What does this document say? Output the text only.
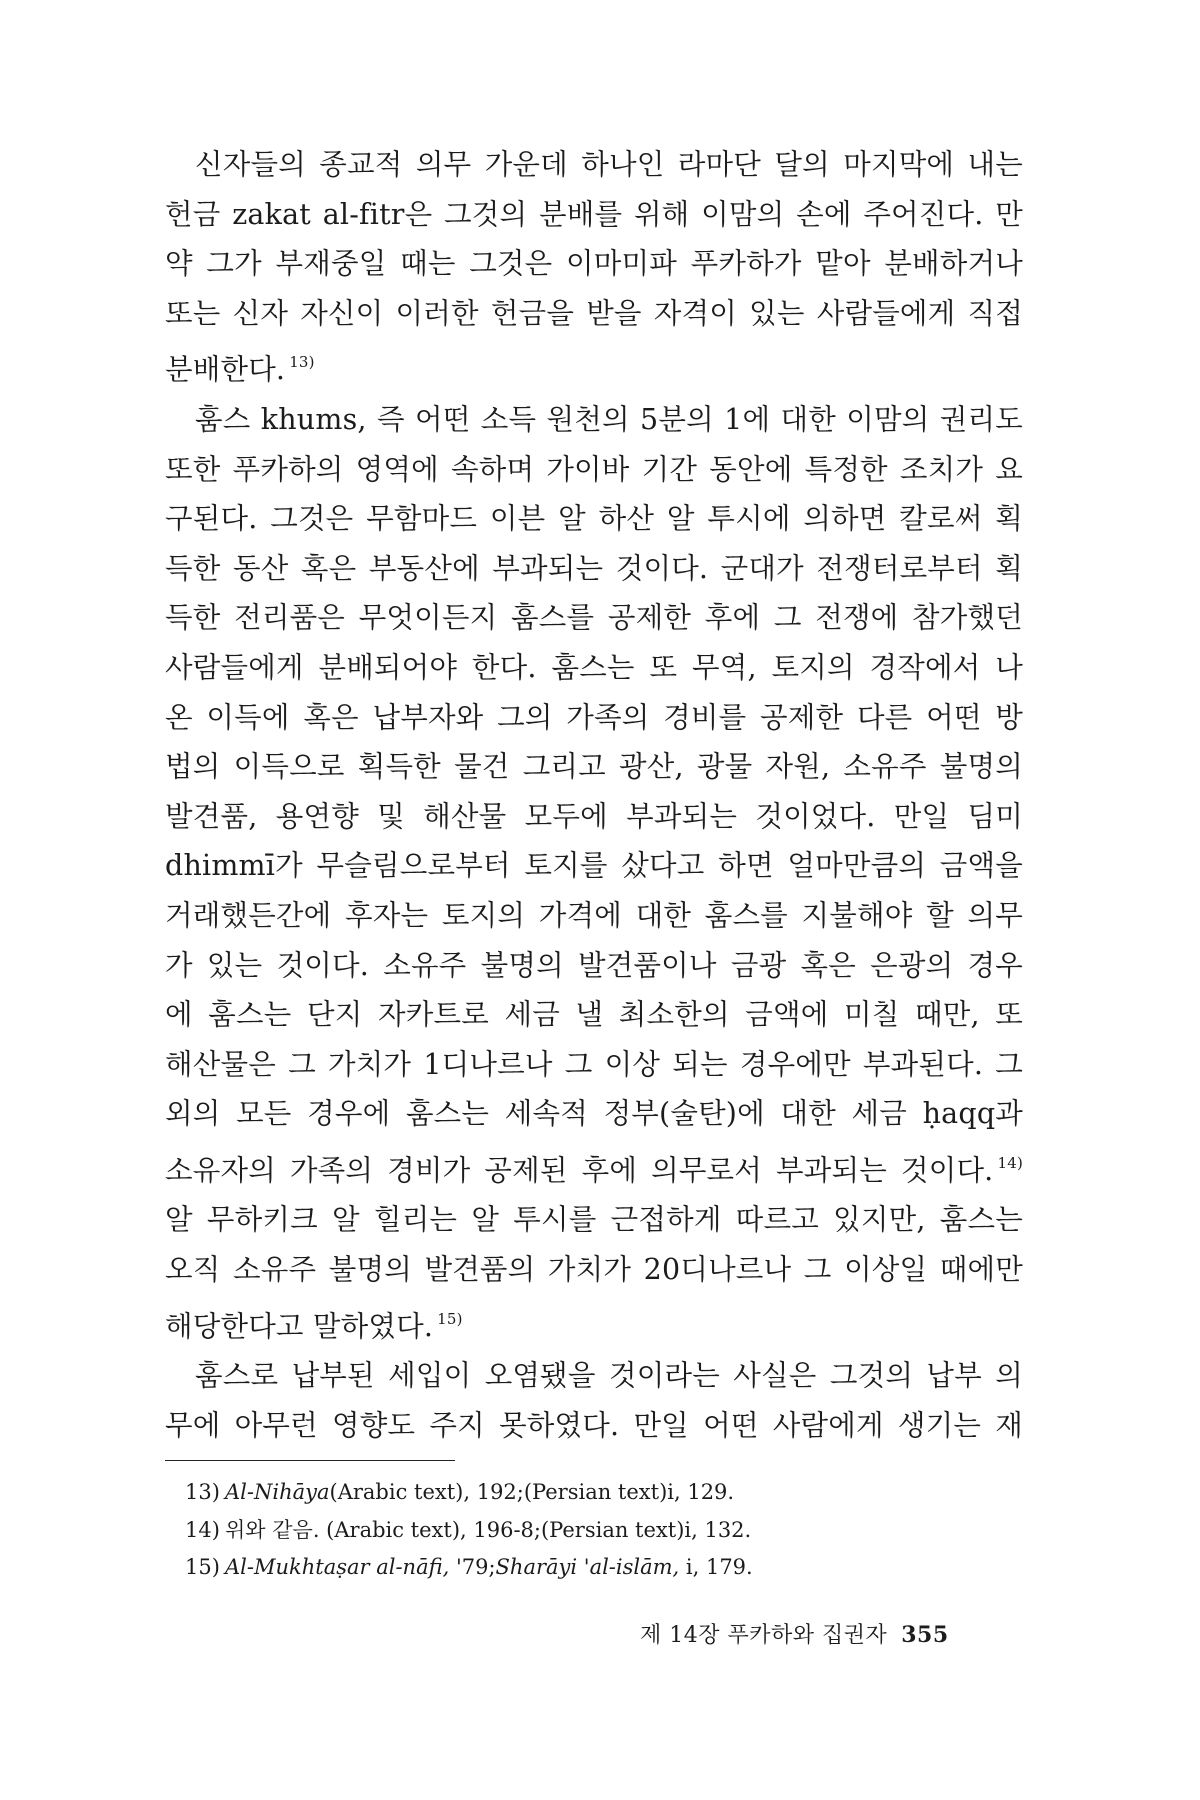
신자들의 종교적 의무 가운데 하나인 라마단 달의 마지막에 내는
헌금 zakat al-fitr은 그것의 분배를 위해 이맘의 손에 주어진다. 만
약 그가 부재중일 때는 그것은 이마미파 푸카하가 맡아 분배하거나
또는 신자 자신이 이러한 헌금을 받을 자격이 있는 사람들에게 직접
분배한다. $^{13)}$

훔스 khums, 즉 어떤 소득 원천의 5분의 1에 대한 이맘의 권리도
또한 푸카하의 영역에 속하며 가이바 기간 동안에 특정한 조치가 요
구된다. 그것은 무함마드 이븐 알 하산 알 투시에 의하면 칼로써 획
득한 동산 혹은 부동산에 부과되는 것이다. 군대가 전쟁터로부터 획
득한 전리품은 무엇이든지 훔스를 공제한 후에 그 전쟁에 참가했던
사람들에게 분배되어야 한다. 훔스는 또 무역, 토지의 경작에서 나
온 이득에 혹은 납부자와 그의 가족의 경비를 공제한 다른 어떤 방
법의 이득으로 획득한 물건 그리고 광산, 광물 자원, 소유주 불명의
발견품, 용연향 및 해산물 모두에 부과되는 것이었다. 만일 딤미
dhimmī가 무슬림으로부터 토지를 샀다고 하면 얼마만큼의 금액을
거래했든간에 후자는 토지의 가격에 대한 훔스를 지불해야 할 의무
가 있는 것이다. 소유주 불명의 발견품이나 금광 혹은 은광의 경우
에 훔스는 단지 자카트로 세금 낼 최소한의 금액에 미칠 때만, 또
해산물은 그 가치가 1디나르나 그 이상 되는 경우에만 부과된다. 그
외의 모든 경우에 훔스는 세속적 정부(술탄)에 대한 세금 ḥaqq과
소유자의 가족의 경비가 공제된 후에 의무로서 부과되는 것이다. $^{14)}$
알 무하키크 알 힐리는 알 투시를 근접하게 따르고 있지만, 훔스는
오직 소유주 불명의 발견품의 가치가 20디나르나 그 이상일 때에만
해당한다고 말하였다. $^{15)}$

훔스로 납부된 세입이 오염됐을 것이라는 사실은 그것의 납부 의
무에 아무런 영향도 주지 못하였다. 만일 어떤 사람에게 생기는 재

13) Al-Nihāya(Arabic text), 192;(Persian text)i, 129.
14) 위와 같음. (Arabic text), 196-8;(Persian text)i, 132.
15) Al-Mukhtaṣar al-nāfi, '79;Sharāyi 'al-islām, i, 179.
제 14장 푸카하와 집권자 355
